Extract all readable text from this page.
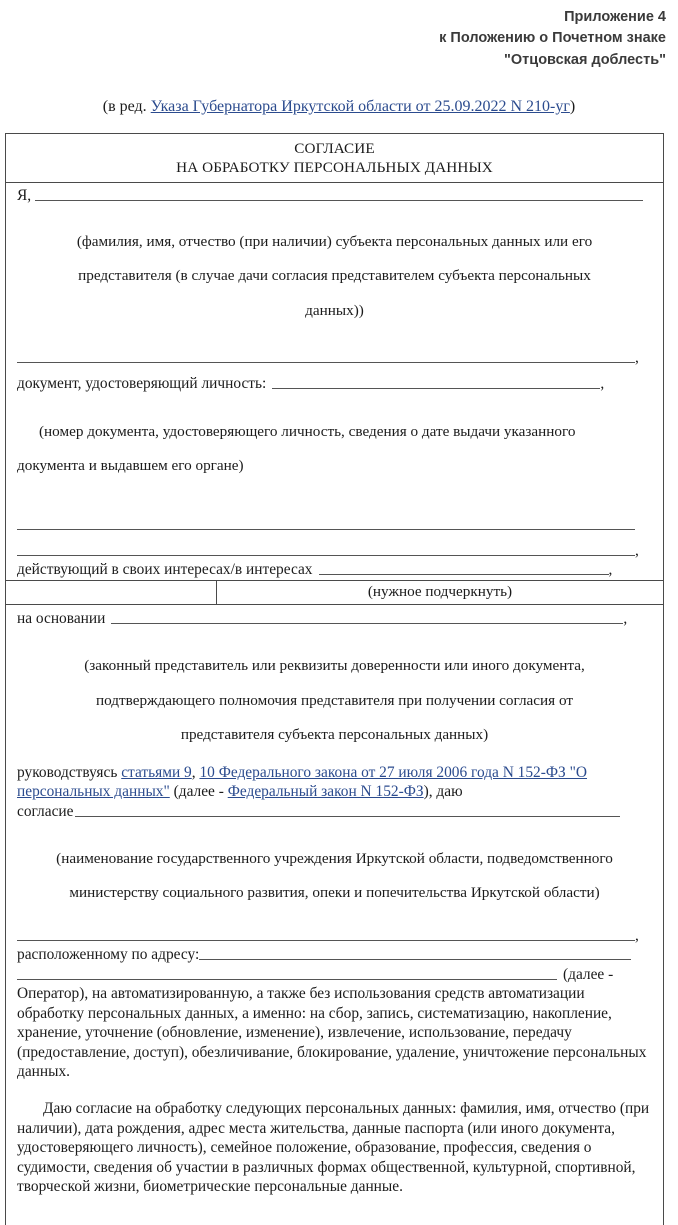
Приложение 4
к Положению о Почетном знаке
"Отцовская доблесть"
(в ред. Указа Губернатора Иркутской области от 25.09.2022 N 210-уг)
СОГЛАСИЕ
НА ОБРАБОТКУ ПЕРСОНАЛЬНЫХ ДАННЫХ
Я,

(фамилия, имя, отчество (при наличии) субъекта персональных данных или его

представителя (в случае дачи согласия представителем субъекта персональных

данных))

,
документ, удостоверяющий личность:	,

(номер документа, удостоверяющего личность, сведения о дате выдачи указанного

документа и выдавшем его органе)

,
действующий в своих интересах/в интересах	,
(нужное подчеркнуть)
на основании	,

(законный представитель или реквизиты доверенности или иного документа,

подтверждающего полномочия представителя при получении согласия от

представителя субъекта персональных данных)

руководствуясь статьями 9, 10 Федерального закона от 27 июля 2006 года N 152-ФЗ "О персональных данных" (далее - Федеральный закон N 152-ФЗ), даю
согласие

(наименование государственного учреждения Иркутской области, подведомственного

министерству социального развития, опеки и попечительства Иркутской области)

,
расположенному по адресу:
(далее -
Оператор), на автоматизированную, а также без использования средств автоматизации обработку персональных данных, а именно: на сбор, запись, систематизацию, накопление, хранение, уточнение (обновление, изменение), извлечение, использование, передачу (предоставление, доступ), обезличивание, блокирование, удаление, уничтожение персональных данных.
Даю согласие на обработку следующих персональных данных: фамилия, имя, отчество (при наличии), дата рождения, адрес места жительства, данные паспорта (или иного документа, удостоверяющего личность), семейное положение, образование, профессия, сведения о судимости, сведения об участии в различных формах общественной, культурной, спортивной, творческой жизни, биометрические персональные данные.
